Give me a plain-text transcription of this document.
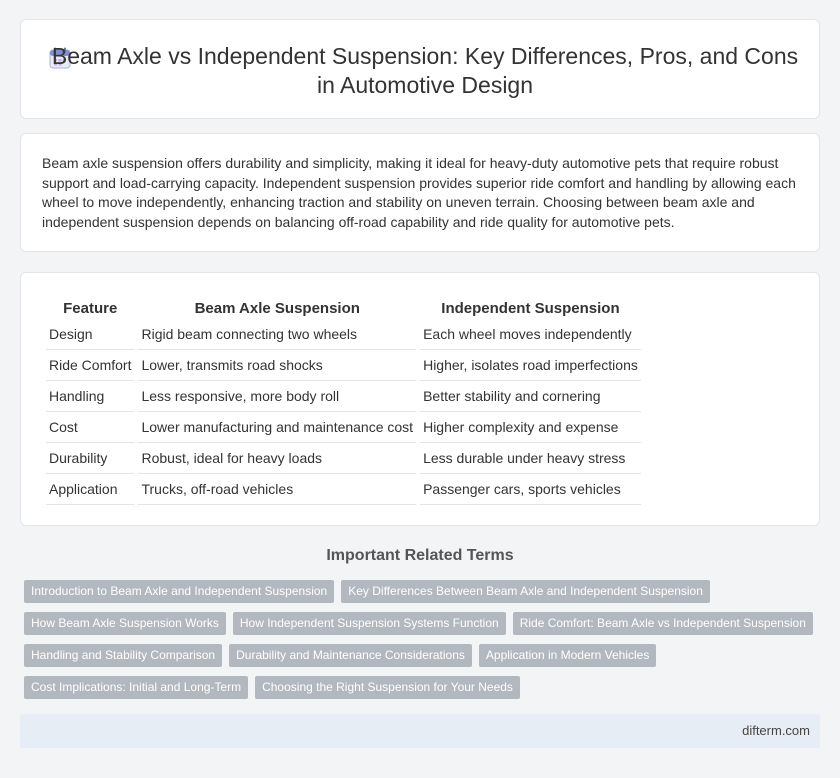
Beam Axle vs Independent Suspension: Key Differences, Pros, and Cons in Automotive Design

Beam axle suspension offers durability and simplicity, making it ideal for heavy-duty automotive pets that require robust support and load-carrying capacity. Independent suspension provides superior ride comfort and handling by allowing each wheel to move independently, enhancing traction and stability on uneven terrain. Choosing between beam axle and independent suspension depends on balancing off-road capability and ride quality for automotive pets.

Feature	Beam Axle Suspension	Independent Suspension
Design	Rigid beam connecting two wheels	Each wheel moves independently
Ride Comfort	Lower, transmits road shocks	Higher, isolates road imperfections
Handling	Less responsive, more body roll	Better stability and cornering
Cost	Lower manufacturing and maintenance cost	Higher complexity and expense
Durability	Robust, ideal for heavy loads	Less durable under heavy stress
Application	Trucks, off-road vehicles	Passenger cars, sports vehicles
Important Related Terms
Introduction to Beam Axle and Independent Suspension	Key Differences Between Beam Axle and Independent Suspension
How Beam Axle Suspension Works	How Independent Suspension Systems Function	Ride Comfort: Beam Axle vs Independent Suspension
Handling and Stability Comparison	Durability and Maintenance Considerations	Application in Modern Vehicles
Cost Implications: Initial and Long-Term	Choosing the Right Suspension for Your Needs
difterm.com
